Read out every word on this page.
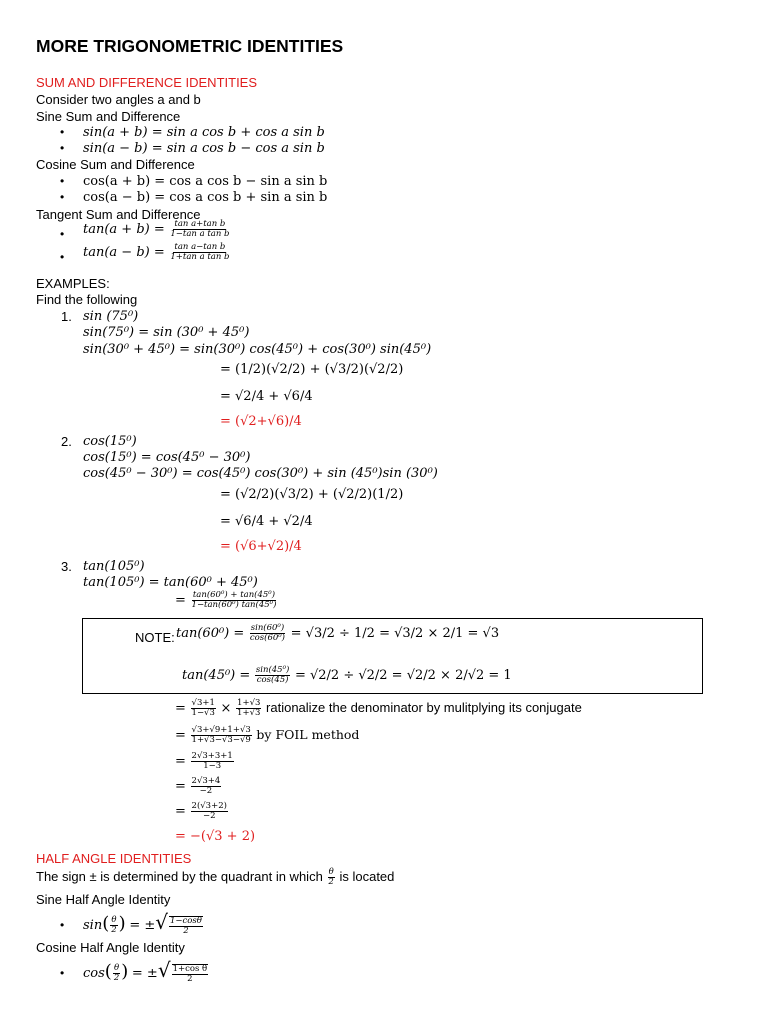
MORE TRIGONOMETRIC IDENTITIES
SUM AND DIFFERENCE IDENTITIES
Consider two angles a and b
Sine Sum and Difference
• sin(a + b) = sin a cos b + cos a sin b
• sin(a − b) = sin a cos b − cos a sin b
Cosine Sum and Difference
• cos(a + b) = cos a cos b − sin a sin b
• cos(a − b) = cos a cos b + sin a sin b
Tangent Sum and Difference
• $\tan(a + b) = \frac{\text{tan a+tan b}}{\text{1−tan a tan b}}$
• $\tan(a - b) = \frac{\text{tan a−tan b}}{\text{1+tan a tan b}}$
EXAMPLES:
Find the following
1. sin (75⁰)
sin(75⁰) = sin (30⁰ + 45⁰)
sin(30⁰ + 45⁰) = sin(30⁰) cos(45⁰) + cos(30⁰) sin(45⁰)
= (1/2)(√2/2) + (√3/2)(√2/2)
= √2/4 + √6/4
= (√2+√6)/4
2. cos(15⁰)
cos(15⁰) = cos(45⁰ − 30⁰)
cos(45⁰ − 30⁰) = cos(45⁰) cos(30⁰) + sin (45⁰)sin (30⁰)
= (√2/2)(√3/2) + (√2/2)(1/2)
= √6/4 + √2/4
= (√6+√2)/4
3. tan(105⁰)
tan(105⁰) = tan(60⁰ + 45⁰)
= $\frac{\text{tan(60⁰) + tan(45⁰)}}{\text{1−tan(60⁰) tan(45⁰)}}$
NOTE: $\tan(60^0) = \frac{\text{sin(60⁰)}}{\text{cos(60⁰)}} = √3/2 \div 1/2 = √3/2 \times 2/1 = √3$
$\tan(45^0) = \frac{\text{sin(45⁰)}}{\cos(45)} = √2/2 \div √2/2 = √2/2 \times 2/√2 = 1$
= $\frac{√3+1}{1-√3} \times \frac{1+√3}{1+√3}$ rationalize the denominator by mulitplying its conjugate
= $\frac{√3+√9+1+√3}{1+√3-√3-√9}$ by FOIL method
= $\frac{2√3+3+1}{1-3}$
= $\frac{2√3+4}{-2}$
= $\frac{2(√3+2)}{-2}$
= −(√3 + 2)
HALF ANGLE IDENTITIES
The sign ± is determined by the quadrant in which $\frac{\theta}{2}$ is located
Sine Half Angle Identity
• $\sin( \frac{\theta}{2}$ ) = ±√ $\frac{1-\cos\theta}{2}$
Cosine Half Angle Identity
• $\cos( \frac{\theta}{2}$ ) = ±√ $\frac{\text{1+cos θ}}{2}$
